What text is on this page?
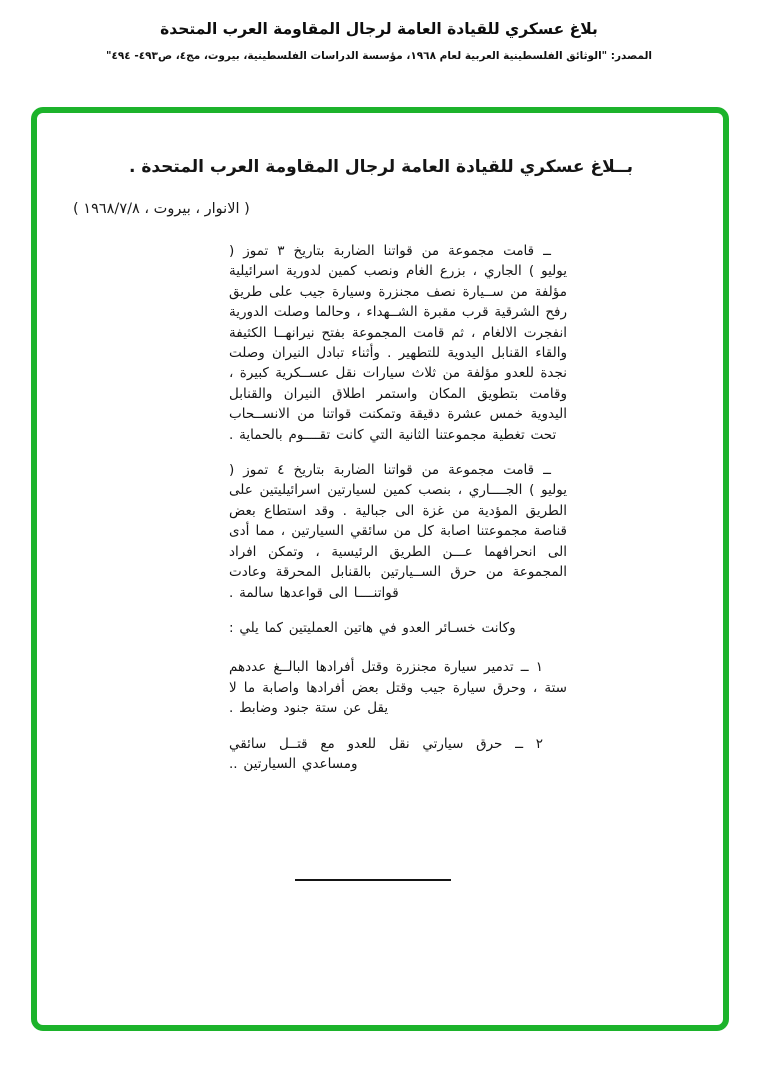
بلاغ عسكري للقيادة العامة لرجال المقاومة العرب المتحدة
المصدر: "الوثائق الفلسطينية العربية لعام ١٩٦٨، مؤسسة الدراسات الفلسطينية، بيروت، مج٤، ص٤٩٣- ٤٩٤"
بــلاغ عسكري للقيادة العامة لرجال المقاومة العرب المتحدة .
( الانوار ، بيروت ، ١٩٦٨/٧/٨ )

ــ قامت مجموعة من قواتنا الضاربة بتاريخ ٣ تموز ( يوليو ) الجاري ، بزرع الغام ونصب كمين لدورية اسرائيلية مؤلفة من ســيارة نصف مجنزرة وسيارة جيب على طريق رفح الشرقية قرب مقبرة الشــهداء ، وحالما وصلت الدورية انفجرت الالغام ، ثم قامت المجموعة بفتح نيرانهــا الكثيفة والقاء القنابل اليدوية للتطهير . وأثناء تبادل النيران وصلت نجدة للعدو مؤلفة من ثلاث سيارات نقل عســكرية كبيرة ، وقامت بتطويق المكان واستمر اطلاق النيران والقنابل اليدوية خمس عشرة دقيقة وتمكنت قواتنا من الانســحاب تحت تغطية مجموعتنا الثانية التي كانت تقــــوم بالحماية .

ــ قامت مجموعة من قواتنا الضاربة بتاريخ ٤ تموز ( يوليو ) الجــــاري ، بنصب كمين لسيارتين اسرائيليتين على الطريق المؤدية من غزة الى جبالية . وقد استطاع بعض قناصة مجموعتنا اصابة كل من سائقي السيارتين ، مما أدى الى انحرافهما عـــن الطريق الرئيسية ، وتمكن افراد المجموعة من حرق الســيارتين بالقنابل المحرقة وعادت قواتنــــا الى قواعدها سالمة .

وكانت خسـائر العدو في هاتين العمليتين كما يلي :

١ ــ تدمير سيارة مجنزرة وقتل أفرادها البالــغ عددهم ستة ، وحرق سيارة جيب وقتل بعض أفرادها واصابة ما لا يقل عن ستة جنود وضابط .

٢ ــ حرق سيارتي نقل للعدو مع قتــل سائقي ومساعدي السيارتين ..
